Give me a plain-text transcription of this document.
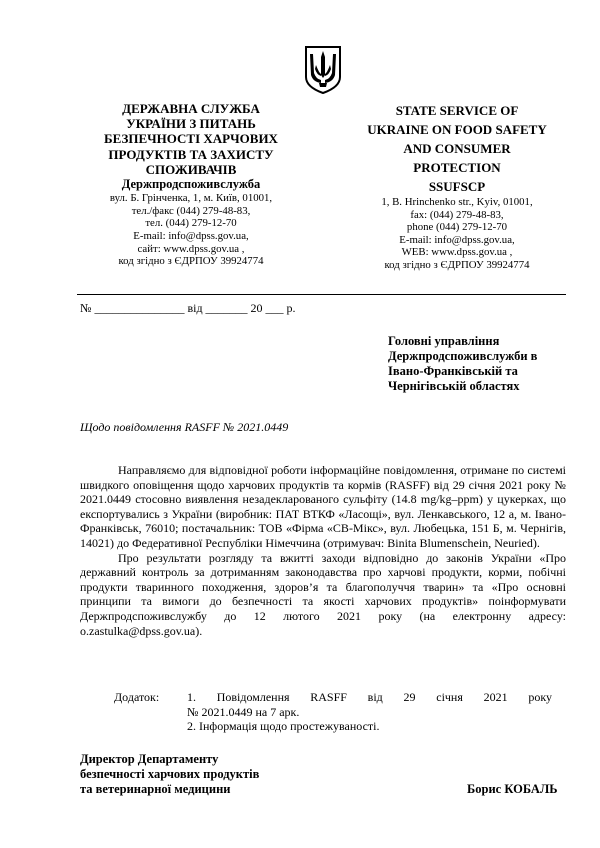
ДЕРЖАВНА СЛУЖБА
УКРАЇНИ З ПИТАНЬ
БЕЗПЕЧНОСТІ ХАРЧОВИХ
ПРОДУКТІВ ТА ЗАХИСТУ
СПОЖИВАЧІВ
Держпродспоживслужба
вул. Б. Грінченка, 1, м. Київ, 01001,
тел./факс (044) 279-48-83,
тел. (044) 279-12-70
E-mail: info@dpss.gov.ua,
сайт: www.dpss.gov.ua ,
код згідно з ЄДРПОУ 39924774
STATE SERVICE OF
UKRAINE ON FOOD SAFETY
AND CONSUMER
PROTECTION
SSUFSCP
1, B. Hrinchenko str., Kyiv, 01001,
fax: (044) 279-48-83,
phone (044) 279-12-70
E-mail: info@dpss.gov.ua,
WEB: www.dpss.gov.ua ,
код згідно з ЄДРПОУ 39924774
№ _______________ від _______ 20 ___ р.
Головні управління
Держпродспоживслужби в
Івано-Франківській та
Чернігівській областях
Щодо повідомлення RASFF № 2021.0449

Направляємо для відповідної роботи інформаційне повідомлення, отримане по системі швидкого оповіщення щодо харчових продуктів та кормів (RASFF) від 29 січня 2021 року № 2021.0449 стосовно виявлення незадекларованого сульфіту (14.8 mg/kg–ppm) у цукерках, що експортувались з України (виробник: ПАТ ВТКФ «Ласощі», вул. Ленкавського, 12 а, м. Івано-Франківськ, 76010; постачальник: ТОВ «Фірма «СВ-Мікс», вул. Любецька, 151 Б, м. Чернігів, 14021) до Федеративної Республіки Німеччина (отримувач: Binita Blumenschein, Neuried).

Про результати розгляду та вжитті заходи відповідно до законів України «Про державний контроль за дотриманням законодавства про харчові продукти, корми, побічні продукти тваринного походження, здоров’я та благополуччя тварин» та «Про основні принципи та вимоги до безпечності та якості харчових продуктів» поінформувати Держпродспоживслужбу до 12 лютого 2021 року (на електронну адресу: o.zastulka@dpss.gov.ua).

Додаток: 1. Повідомлення RASFF від 29 січня 2021 року
№ 2021.0449 на 7 арк.
2. Інформація щодо простежуваності.
Директор Департаменту
безпечності харчових продуктів
та ветеринарної медицини	Борис КОБАЛЬ
